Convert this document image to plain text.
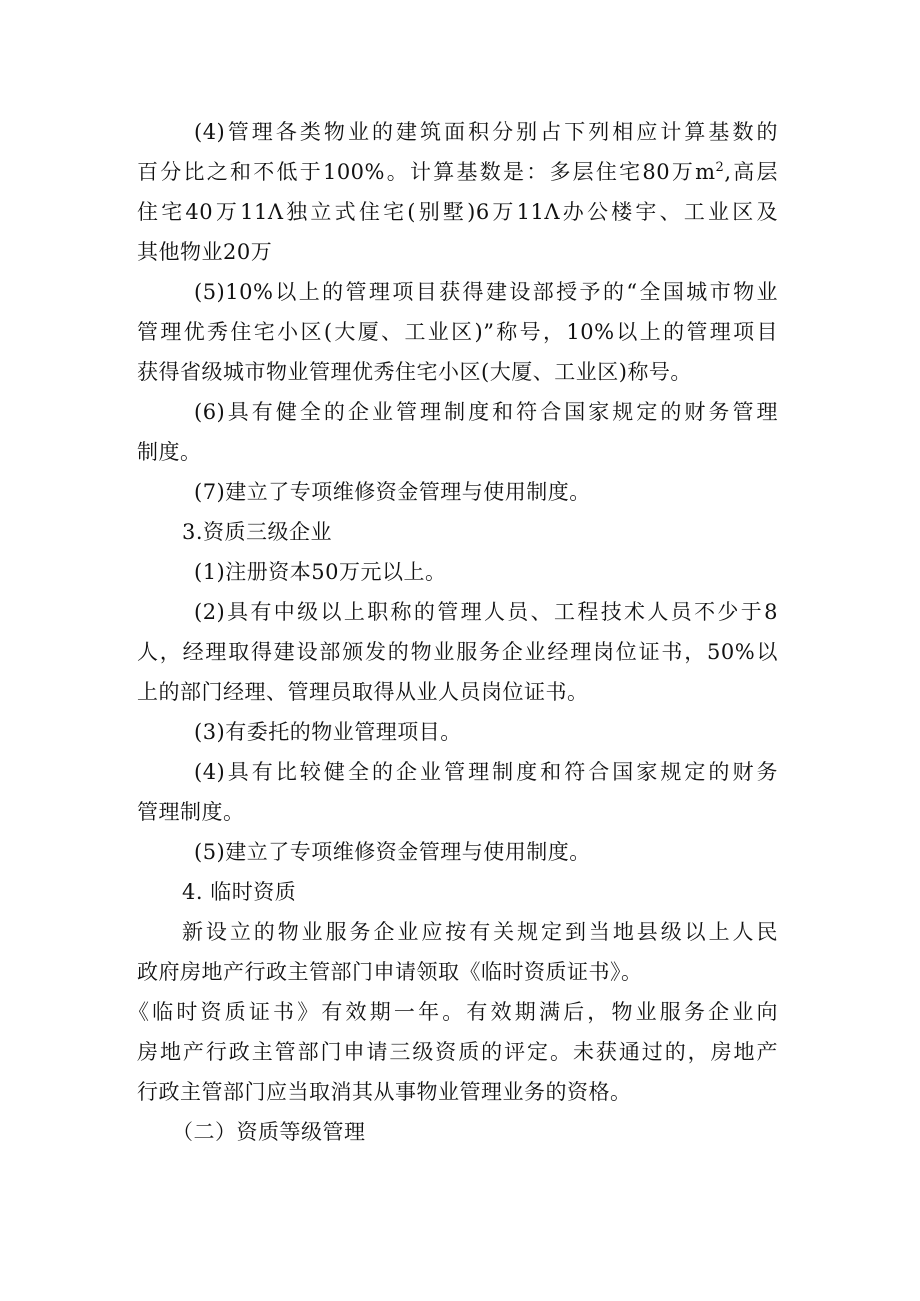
(4)管理各类物业的建筑面积分别占下列相应计算基数的
百分比之和不低于100%。计算基数是：多层住宅80万$m^2$,高层
住宅40万11Λ独立式住宅(别墅)6万11Λ办公楼宇、工业区及
其他物业20万
(5)10%以上的管理项目获得建设部授予的“全国城市物业
管理优秀住宅小区(大厦、工业区)”称号，10%以上的管理项目
获得省级城市物业管理优秀住宅小区(大厦、工业区)称号。
(6)具有健全的企业管理制度和符合国家规定的财务管理
制度。
(7)建立了专项维修资金管理与使用制度。
3.资质三级企业
(1)注册资本50万元以上。
(2)具有中级以上职称的管理人员、工程技术人员不少于8
人，经理取得建设部颁发的物业服务企业经理岗位证书，50%以
上的部门经理、管理员取得从业人员岗位证书。
(3)有委托的物业管理项目。
(4)具有比较健全的企业管理制度和符合国家规定的财务
管理制度。
(5)建立了专项维修资金管理与使用制度。
4. 临时资质
新设立的物业服务企业应按有关规定到当地县级以上人民
政府房地产行政主管部门申请领取《临时资质证书》。
《临时资质证书》有效期一年。有效期满后，物业服务企业向
房地产行政主管部门申请三级资质的评定。未获通过的，房地产
行政主管部门应当取消其从事物业管理业务的资格。
（二）资质等级管理
